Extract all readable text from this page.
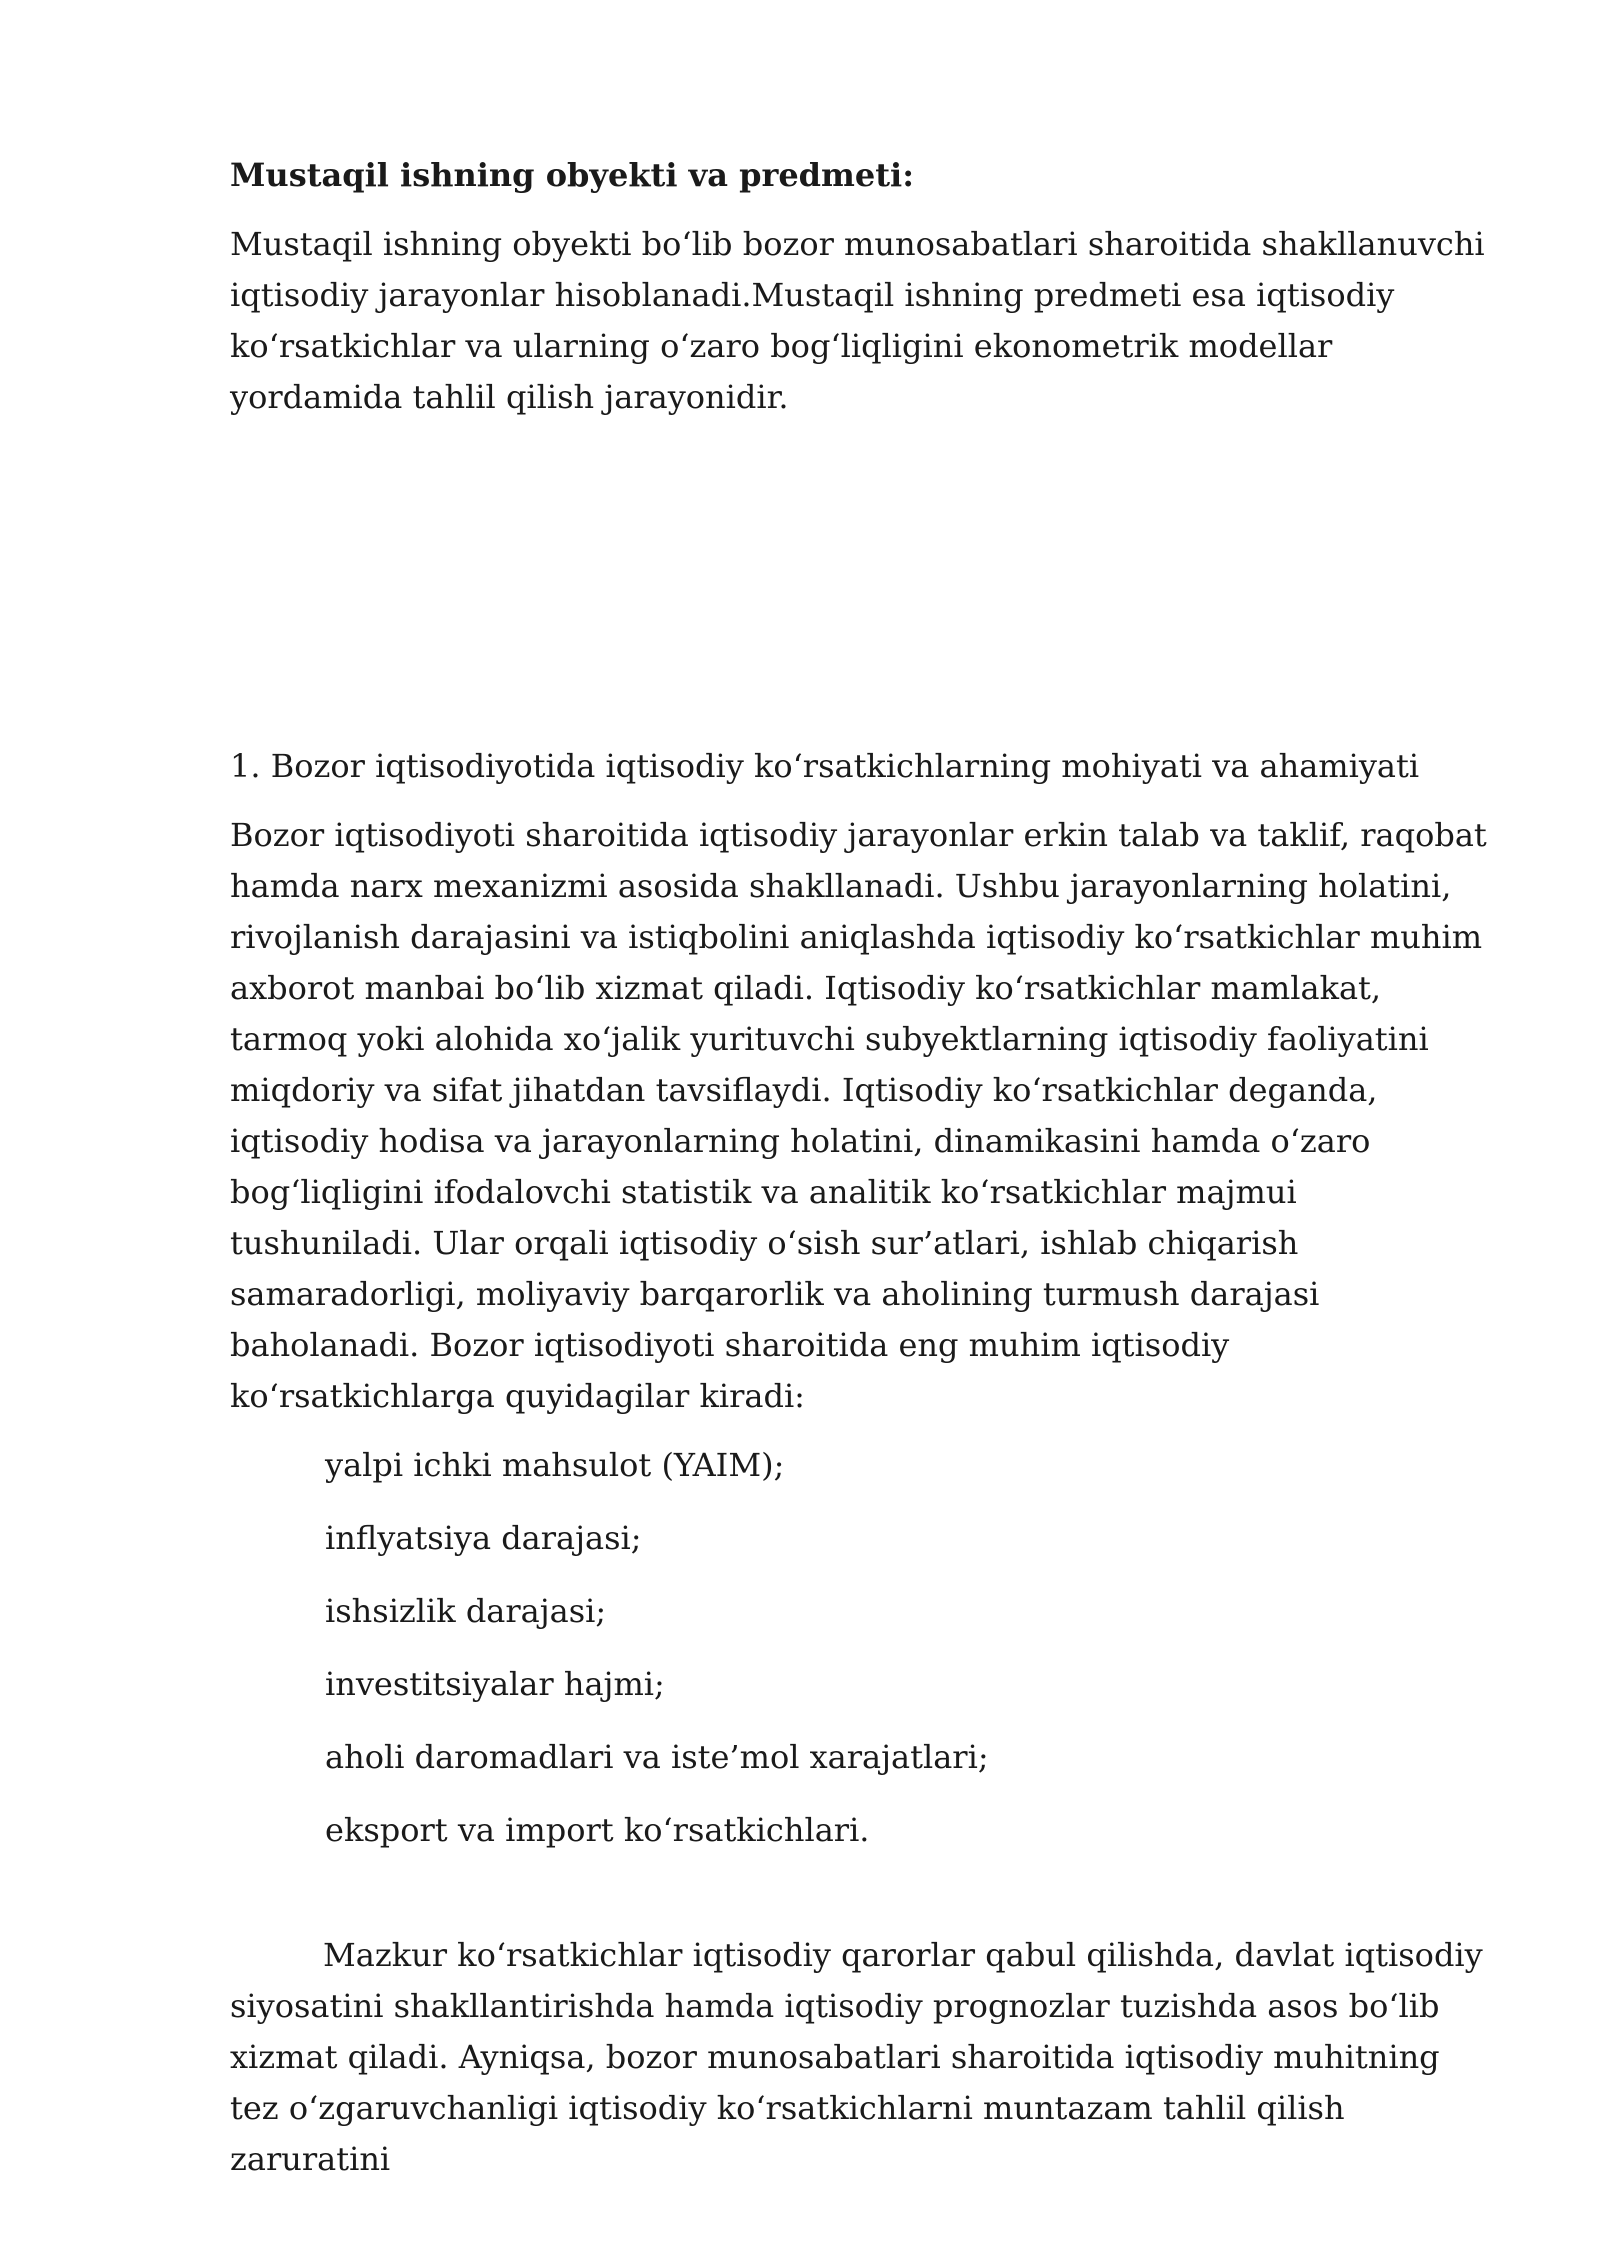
Mustaqil ishning obyekti va predmeti:

Mustaqil ishning obyekti boʻlib bozor munosabatlari sharoitida shakllanuvchi iqtisodiy jarayonlar hisoblanadi.Mustaqil ishning predmeti esa iqtisodiy koʻrsatkichlar va ularning oʻzaro bogʻliqligini ekonometrik modellar yordamida tahlil qilish jarayonidir.

1. Bozor iqtisodiyotida iqtisodiy koʻrsatkichlarning mohiyati va ahamiyati

Bozor iqtisodiyoti sharoitida iqtisodiy jarayonlar erkin talab va taklif, raqobat hamda narx mexanizmi asosida shakllanadi. Ushbu jarayonlarning holatini, rivojlanish darajasini va istiqbolini aniqlashda iqtisodiy koʻrsatkichlar muhim axborot manbai boʻlib xizmat qiladi. Iqtisodiy koʻrsatkichlar mamlakat, tarmoq yoki alohida xoʻjalik yurituvchi subyektlarning iqtisodiy faoliyatini miqdoriy va sifat jihatdan tavsiflaydi. Iqtisodiy koʻrsatkichlar deganda, iqtisodiy hodisa va jarayonlarning holatini, dinamikasini hamda oʻzaro bogʻliqligini ifodalovchi statistik va analitik koʻrsatkichlar majmui tushuniladi. Ular orqali iqtisodiy oʻsish sur’atlari, ishlab chiqarish samaradorligi, moliyaviy barqarorlik va aholining turmush darajasi baholanadi. Bozor iqtisodiyoti sharoitida eng muhim iqtisodiy koʻrsatkichlarga quyidagilar kiradi:

yalpi ichki mahsulot (YAIM);
inflyatsiya darajasi;
ishsizlik darajasi;
investitsiyalar hajmi;
aholi daromadlari va iste’mol xarajatlari;
eksport va import koʻrsatkichlari.

Mazkur koʻrsatkichlar iqtisodiy qarorlar qabul qilishda, davlat iqtisodiy siyosatini shakllantirishda hamda iqtisodiy prognozlar tuzishda asos boʻlib xizmat qiladi. Ayniqsa, bozor munosabatlari sharoitida iqtisodiy muhitning tez oʻzgaruvchanligi iqtisodiy koʻrsatkichlarni muntazam tahlil qilish zaruratini
